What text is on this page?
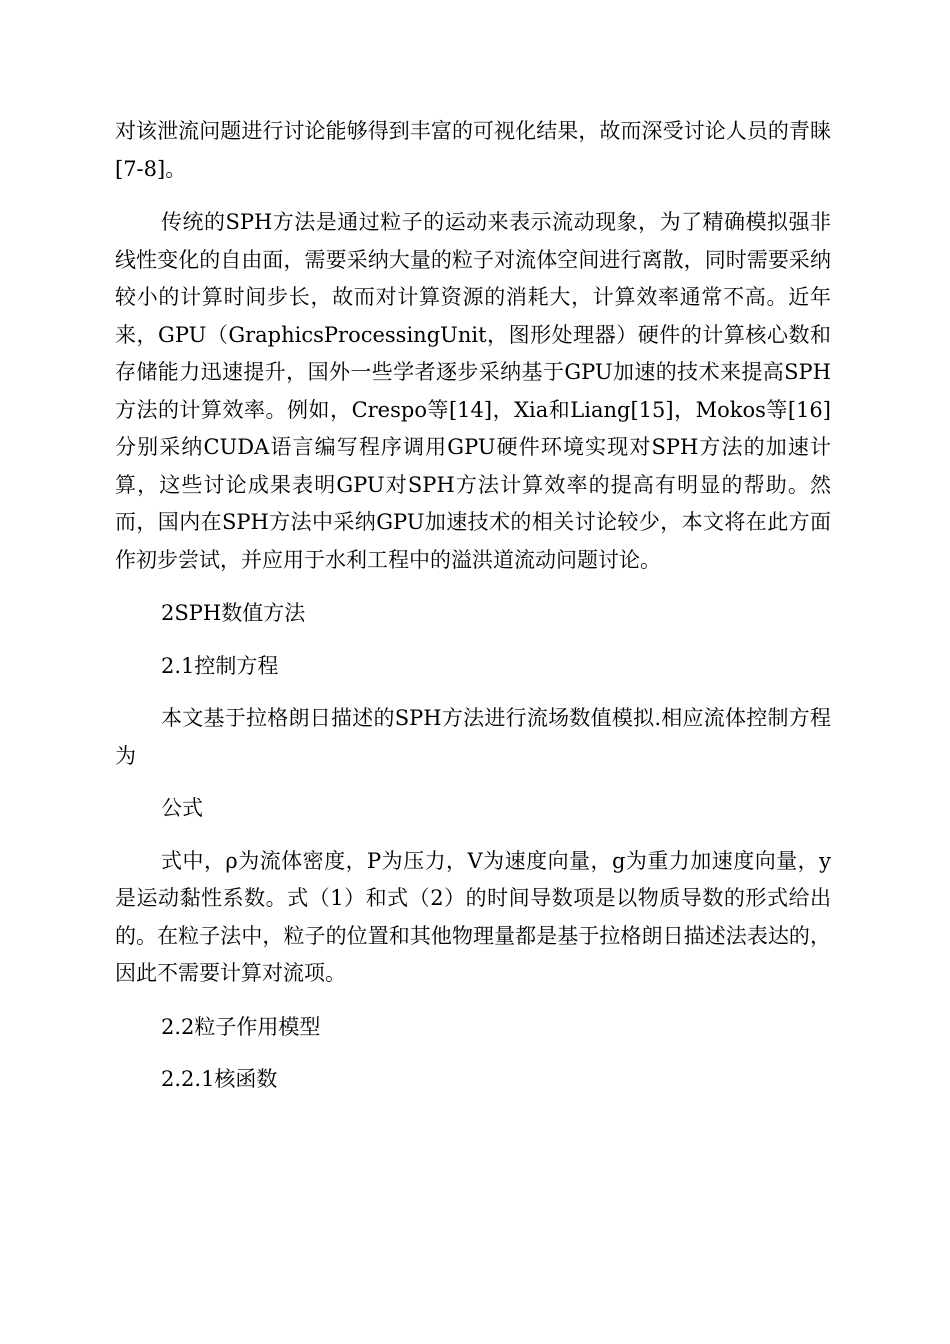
对该泄流问题进行讨论能够得到丰富的可视化结果，故而深受讨论人员的青睐[7-8]。

传统的SPH方法是通过粒子的运动来表示流动现象，为了精确模拟强非线性变化的自由面，需要采纳大量的粒子对流体空间进行离散，同时需要采纳较小的计算时间步长，故而对计算资源的消耗大，计算效率通常不高。近年来，GPU（GraphicsProcessingUnit，图形处理器）硬件的计算核心数和存储能力迅速提升，国外一些学者逐步采纳基于GPU加速的技术来提高SPH方法的计算效率。例如，Crespo等[14]，Xia和Liang[15]，Mokos等[16]分别采纳CUDA语言编写程序调用GPU硬件环境实现对SPH方法的加速计算，这些讨论成果表明GPU对SPH方法计算效率的提高有明显的帮助。然而，国内在SPH方法中采纳GPU加速技术的相关讨论较少，本文将在此方面作初步尝试，并应用于水利工程中的溢洪道流动问题讨论。

2SPH数值方法

2.1控制方程

本文基于拉格朗日描述的SPH方法进行流场数值模拟.相应流体控制方程为

公式

式中，ρ为流体密度，P为压力，V为速度向量，g为重力加速度向量，y是运动黏性系数。式（1）和式（2）的时间导数项是以物质导数的形式给出的。在粒子法中，粒子的位置和其他物理量都是基于拉格朗日描述法表达的，因此不需要计算对流项。

2.2粒子作用模型

2.2.1核函数
